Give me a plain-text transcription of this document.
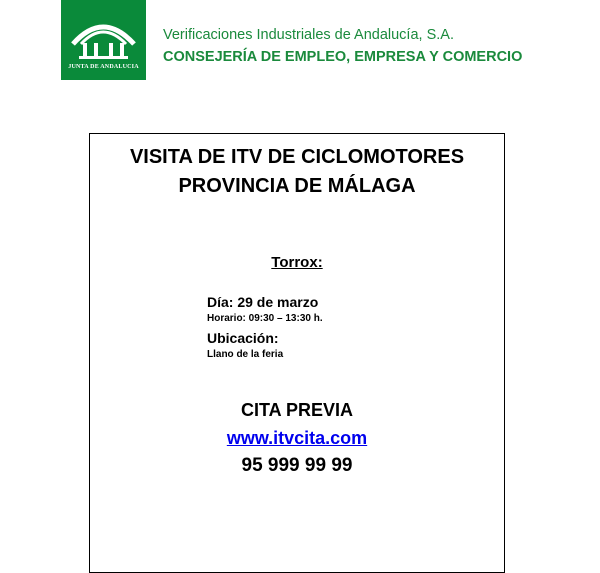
JUNTA DE ANDALUCIA
Verificaciones Industriales de Andalucía, S.A.
CONSEJERÍA DE EMPLEO, EMPRESA Y COMERCIO
VISITA DE ITV DE CICLOMOTORES
PROVINCIA DE MÁLAGA
Torrox:
Día: 29 de marzo
Horario: 09:30 – 13:30 h.
Ubicación:
Llano de la feria
CITA PREVIA
www.itvcita.com
95 999 99 99
